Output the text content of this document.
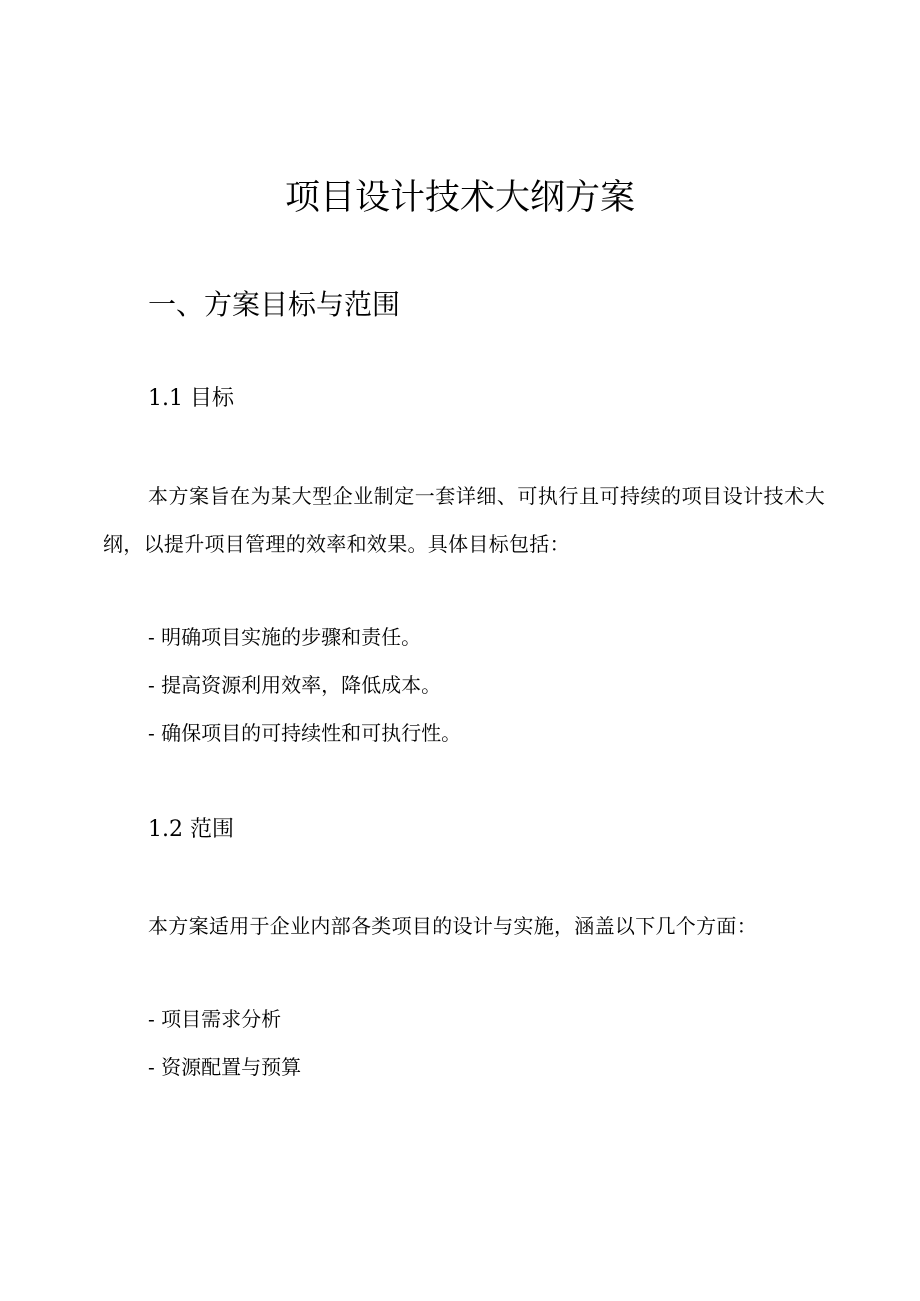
项目设计技术大纲方案
一、方案目标与范围
1.1 目标

本方案旨在为某大型企业制定一套详细、可执行且可持续的项目设计技术大纲，以提升项目管理的效率和效果。具体目标包括：

- 明确项目实施的步骤和责任。
- 提高资源利用效率，降低成本。
- 确保项目的可持续性和可执行性。
1.2 范围

本方案适用于企业内部各类项目的设计与实施，涵盖以下几个方面：

- 项目需求分析
- 资源配置与预算
